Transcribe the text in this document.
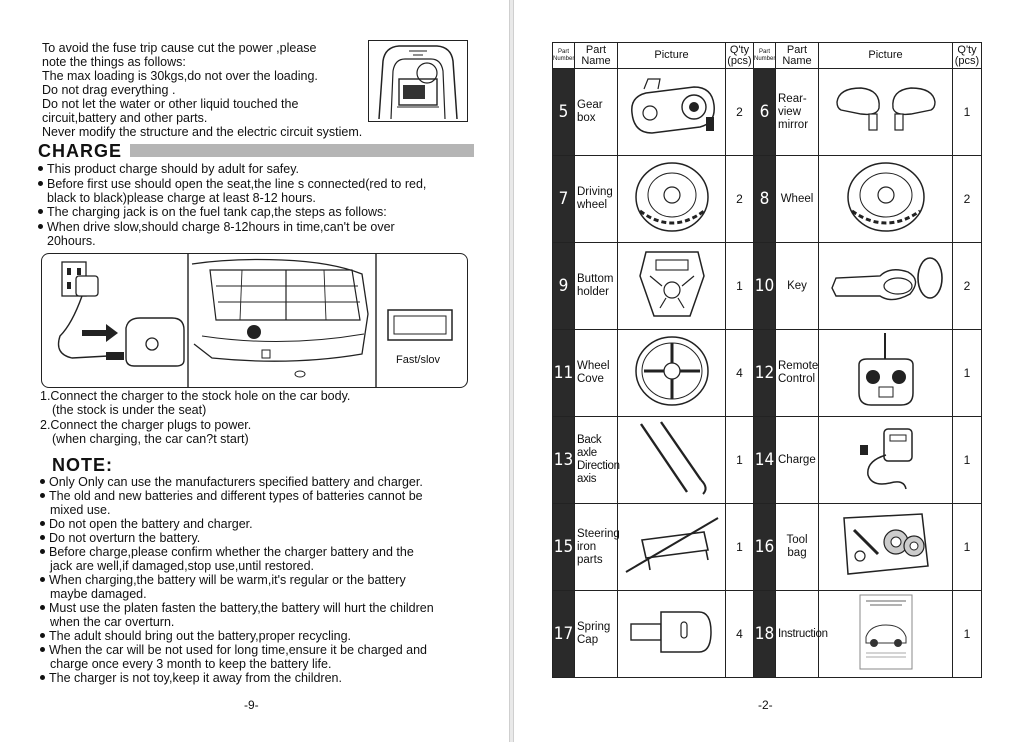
To avoid the fuse trip cause cut the power ,please
note the things as follows:
The max loading is 30kgs,do not over the loading.
Do not drag everything .
Do not let the water or other liquid touched the
circuit,battery and other parts.
Never modify the structure and the electric circuit systiem.
CHARGE
This product charge should by adult for safey.
Before first use should open the seat,the line s connected(red to red,
black to black)please charge at least 8-12 hours.
The charging jack is on the fuel tank cap,the steps as follows:
When drive slow,should charge 8-12hours in time,can't be over
20hours.
Fast/slov
1.Connect the charger to the stock hole on the car body.
(the stock is under the seat)
2.Connect the charger plugs to power.
(when charging, the car can?t start)
NOTE:
Only Only can use the manufacturers specified battery and charger.
The old and new batteries and different types of batteries cannot be
mixed use.
Do not open the battery and charger.
Do not overturn the battery.
Before charge,please confirm whether the charger battery and the
jack are well,if damaged,stop use,until restored.
When charging,the battery will be warm,it's regular or the battery
maybe damaged.
Must use the platen fasten the battery,the battery will hurt the children
when the car overturn.
The adult should bring out the battery,proper recycling.
When the car will be not used for long time,ensure it be charged and
charge once every 3 month to keep the battery life.
The charger is not toy,keep it away from the children.
-9-	-2-
Part Number	Part Name	Picture	Q'ty (pcs)	Part Number	Part Name	Picture	Q'ty (pcs)
5	Gear box		2	6	Rear-view mirror		1
7	Driving wheel		2	8	Wheel		2
9	Buttom holder		1	10	Key		2
11	Wheel Cove		4	12	Remote Control		1
13	Back axle Direction axis		1	14	Charge		1
15	Steering iron parts		1	16	Tool bag		1
17	Spring Cap		4	18	Instruction		1
